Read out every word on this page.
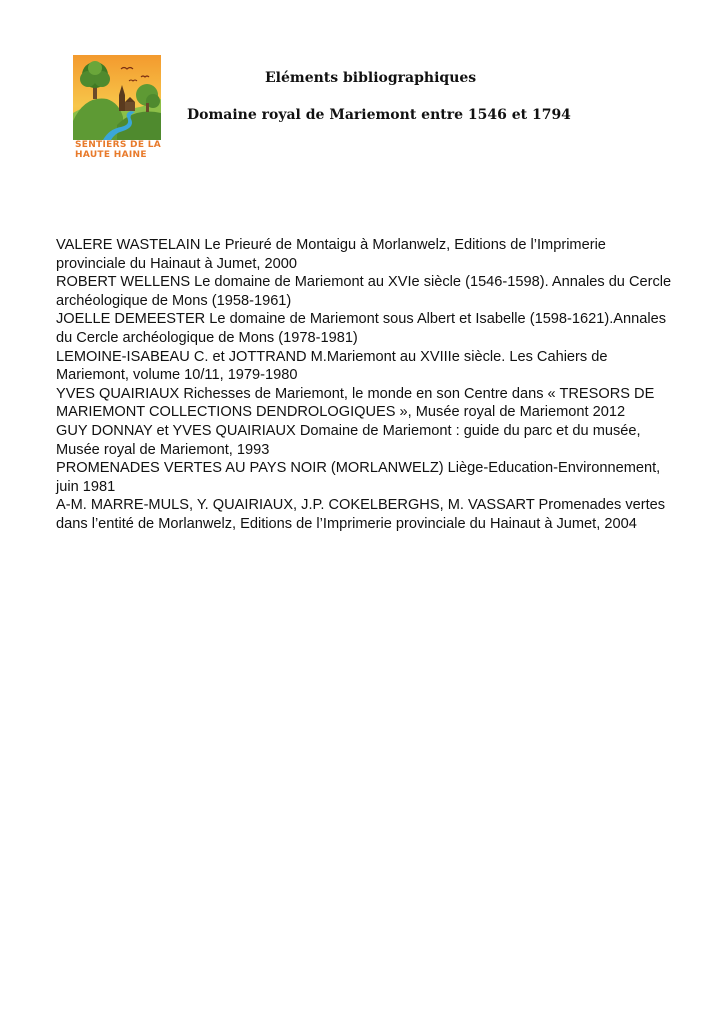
SENTIERS DE LA
HAUTE HAINE

Eléments bibliographiques
Domaine royal de Mariemont entre 1546 et 1794
VALERE WASTELAIN Le Prieuré de Montaigu à Morlanwelz, Editions de l’Imprimerie
provinciale du Hainaut à Jumet, 2000
ROBERT WELLENS Le domaine de Mariemont au XVIe siècle (1546-1598). Annales du Cercle
archéologique de Mons (1958-1961)
JOELLE DEMEESTER Le domaine de Mariemont sous Albert et Isabelle (1598-1621).Annales
du Cercle archéologique de Mons (1978-1981)
LEMOINE-ISABEAU C. et JOTTRAND M.Mariemont au XVIIIe siècle. Les Cahiers de
Mariemont, volume 10/11, 1979-1980
YVES QUAIRIAUX Richesses de Mariemont, le monde en son Centre dans « TRESORS DE
MARIEMONT COLLECTIONS DENDROLOGIQUES », Musée royal de Mariemont 2012
GUY DONNAY et YVES QUAIRIAUX Domaine de Mariemont : guide du parc et du musée,
Musée royal de Mariemont, 1993
PROMENADES VERTES AU PAYS NOIR (MORLANWELZ) Liège-Education-Environnement,
juin 1981
A-M. MARRE-MULS, Y. QUAIRIAUX, J.P. COKELBERGHS, M. VASSART Promenades vertes
dans l’entité de Morlanwelz, Editions de l’Imprimerie provinciale du Hainaut à Jumet, 2004
